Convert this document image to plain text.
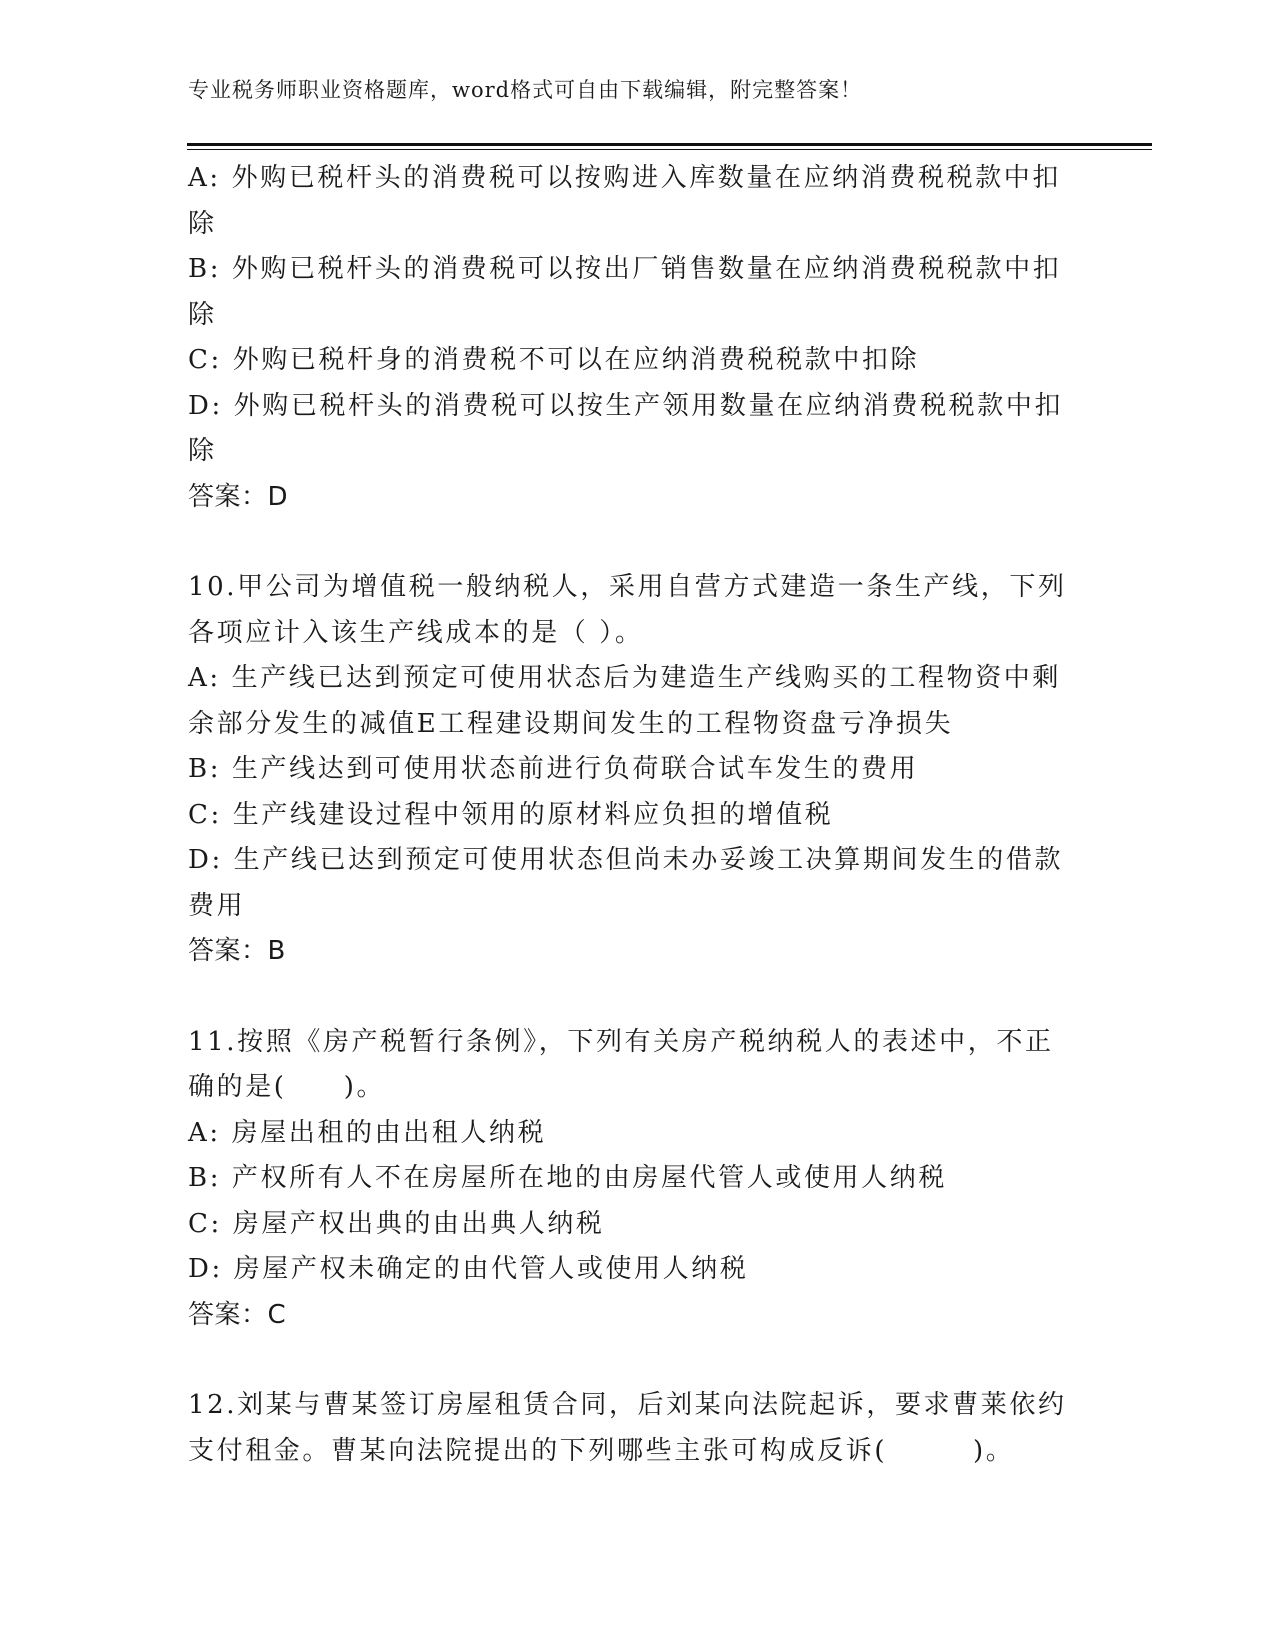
专业税务师职业资格题库，word格式可自由下载编辑，附完整答案！
A: 外购已税杆头的消费税可以按购进入库数量在应纳消费税税款中扣
除
B: 外购已税杆头的消费税可以按出厂销售数量在应纳消费税税款中扣
除
C: 外购已税杆身的消费税不可以在应纳消费税税款中扣除
D: 外购已税杆头的消费税可以按生产领用数量在应纳消费税税款中扣
除
答案：D
10.甲公司为增值税一般纳税人，采用自营方式建造一条生产线，下列
各项应计入该生产线成本的是（ ）。
A: 生产线已达到预定可使用状态后为建造生产线购买的工程物资中剩
余部分发生的减值E工程建设期间发生的工程物资盘亏净损失
B: 生产线达到可使用状态前进行负荷联合试车发生的费用
C: 生产线建设过程中领用的原材料应负担的增值税
D: 生产线已达到预定可使用状态但尚未办妥竣工决算期间发生的借款
费用
答案：B
11.按照《房产税暂行条例》，下列有关房产税纳税人的表述中，不正
确的是(　　)。
A: 房屋出租的由出租人纳税
B: 产权所有人不在房屋所在地的由房屋代管人或使用人纳税
C: 房屋产权出典的由出典人纳税
D: 房屋产权未确定的由代管人或使用人纳税
答案：C
12.刘某与曹某签订房屋租赁合同，后刘某向法院起诉，要求曹莱依约
支付租金。曹某向法院提出的下列哪些主张可构成反诉(　　　)。
